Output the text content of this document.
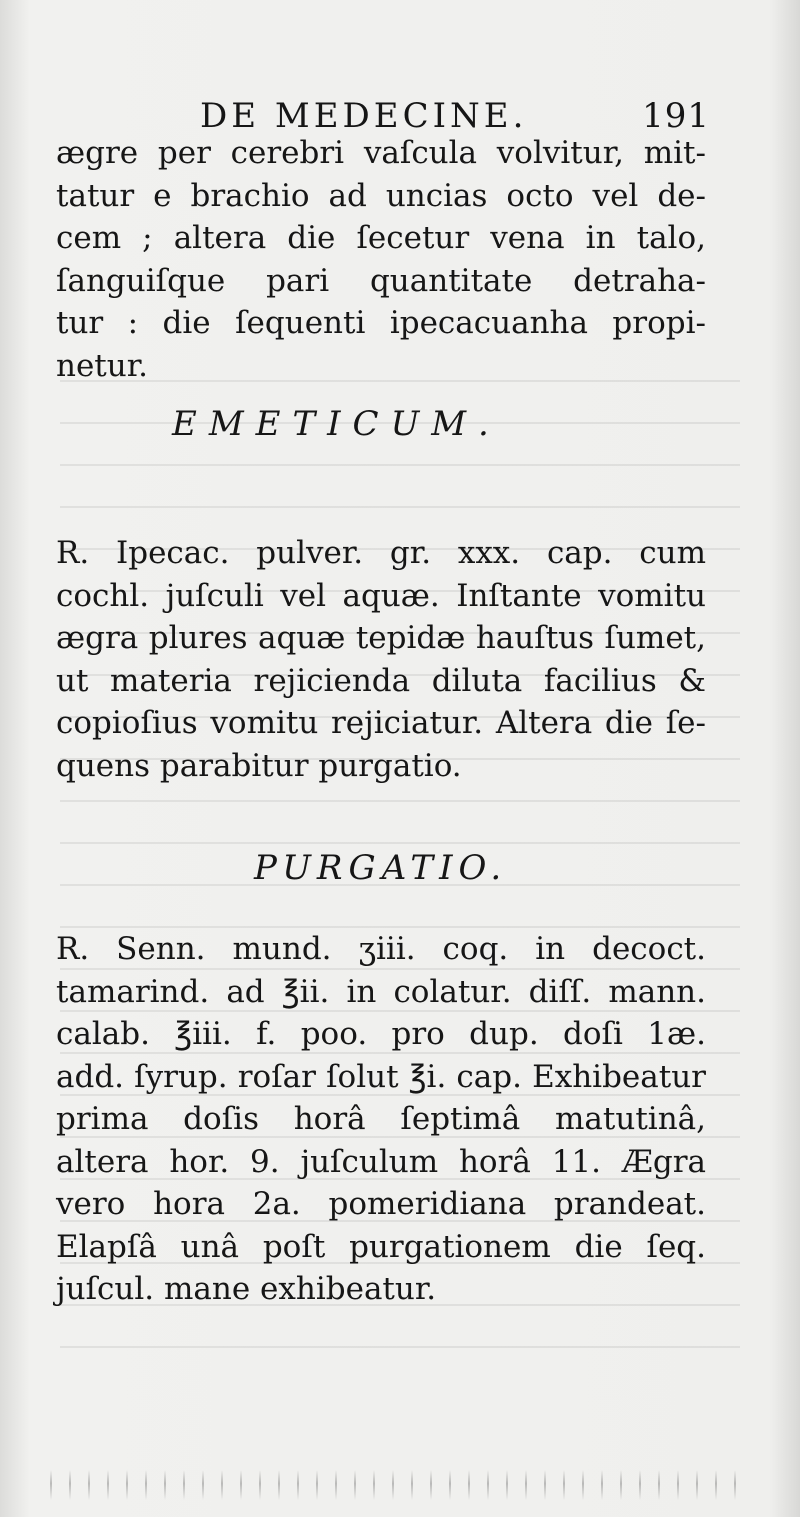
DE MEDECINE.	191
ægre per cerebri vaſcula volvitur, mit-
tatur e brachio ad uncias octo vel de-
cem ; altera die ſecetur vena in talo,
ſanguiſque pari quantitate detraha-
tur : die ſequenti ipecacuanha propi-
netur.
EMETICUM.
R. Ipecac. pulver. gr. xxx. cap. cum
cochl. juſculi vel aquæ. Inſtante vomitu
ægra plures aquæ tepidæ hauſtus ſumet,
ut materia rejicienda diluta facilius &
copioſius vomitu rejiciatur. Altera die ſe-
quens parabitur purgatio.
PURGATIO.
R. Senn. mund. ʒiii. coq. in decoct.
tamarind. ad ℥ii. in colatur. diſſ. mann.
calab. ℥iii. f. poo. pro dup. doſi 1æ.
add. ſyrup. roſar ſolut ℥i. cap. Exhibeatur
prima doſis horâ ſeptimâ matutinâ,
altera hor. 9. juſculum horâ 11. Ægra
vero hora 2a. pomeridiana prandeat.
Elapſâ unâ poſt purgationem die ſeq.
juſcul. mane exhibeatur.
